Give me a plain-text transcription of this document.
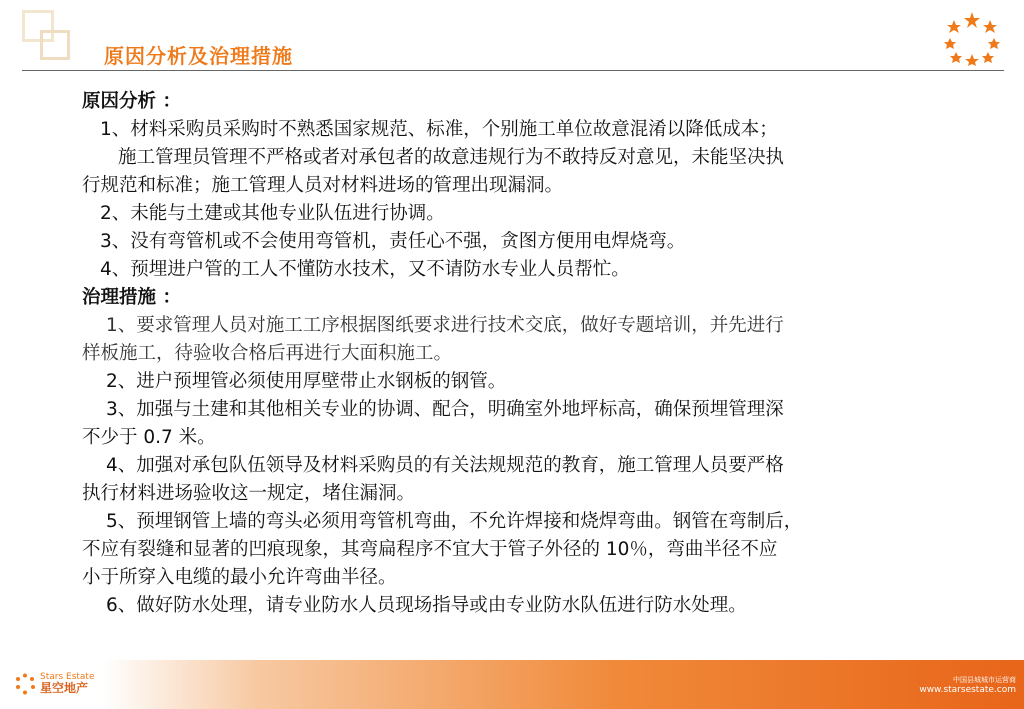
原因分析及治理措施
原因分析 ：
1、材料采购员采购时不熟悉国家规范、标准，个别施工单位故意混淆以降低成本；
施工管理员管理不严格或者对承包者的故意违规行为不敢持反对意见，未能坚决执
行规范和标准；施工管理人员对材料进场的管理出现漏洞。
2、未能与土建或其他专业队伍进行协调。
3、没有弯管机或不会使用弯管机，责任心不强，贪图方便用电焊烧弯。
4、预埋进户管的工人不懂防水技术，又不请防水专业人员帮忙。
治理措施 ：
1、要求管理人员对施工工序根据图纸要求进行技术交底，做好专题培训，并先进行
样板施工，待验收合格后再进行大面积施工。
2、进户预埋管必须使用厚壁带止水钢板的钢管。
3、加强与土建和其他相关专业的协调、配合，明确室外地坪标高，确保预埋管理深
不少于 0.7 米。
4、加强对承包队伍领导及材料采购员的有关法规规范的教育，施工管理人员要严格
执行材料进场验收这一规定，堵住漏洞。
5、预埋钢管上墙的弯头必须用弯管机弯曲，不允许焊接和烧焊弯曲。钢管在弯制后，
不应有裂缝和显著的凹痕现象，其弯扁程序不宜大于管子外径的 10％，弯曲半径不应
小于所穿入电缆的最小允许弯曲半径。
6、做好防水处理，请专业防水人员现场指导或由专业防水队伍进行防水处理。
Stars Estate
星空地产
中国县城城市运营商
www.starsestate.com
